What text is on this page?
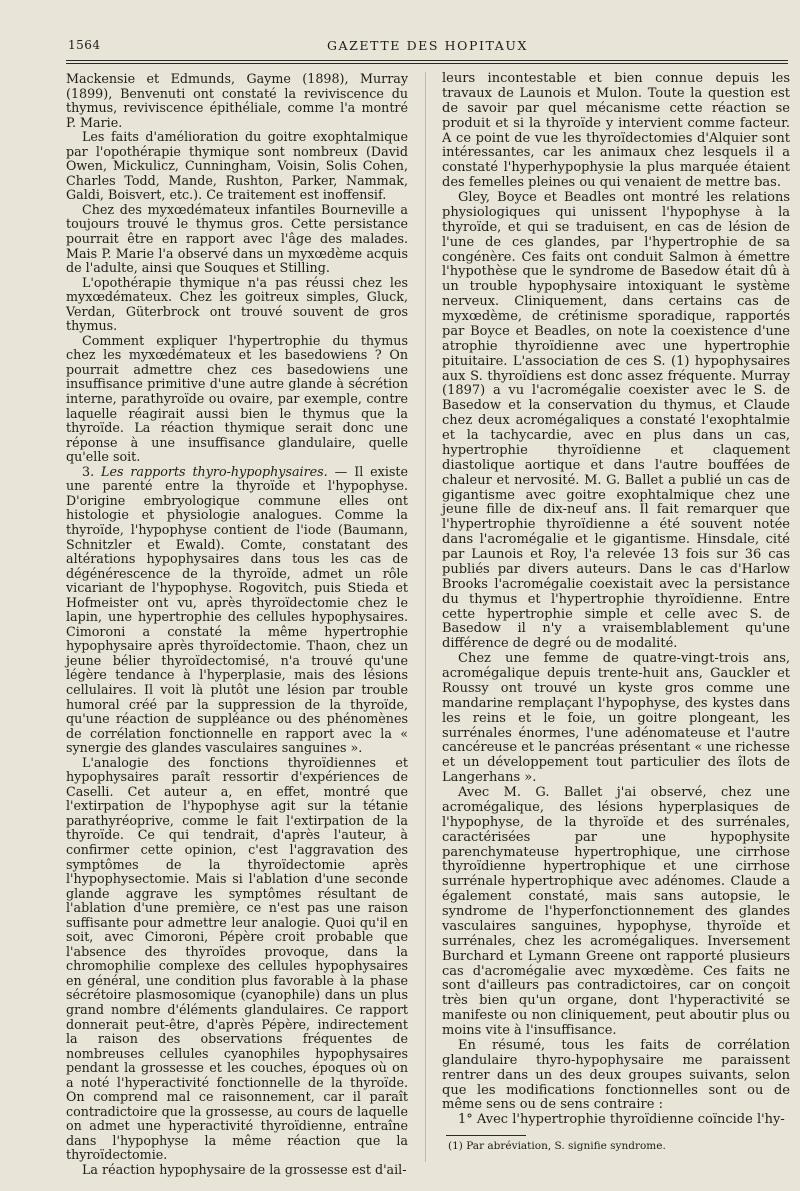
1564	GAZETTE DES HOPITAUX

Mackensie et Edmunds, Gayme (1898), Murray (1899), Benvenuti ont constaté la reviviscence du thymus, reviviscence épithéliale, comme l'a montré P. Marie.

Les faits d'amélioration du goitre exophtalmique par l'opothérapie thymique sont nombreux (David Owen, Mickulicz, Cunningham, Voisin, Solis Cohen, Charles Todd, Mande, Rushton, Parker, Nammak, Galdi, Boisvert, etc.). Ce traitement est inoffensif.

Chez des myxœdémateux infantiles Bourneville a toujours trouvé le thymus gros. Cette persistance pourrait être en rapport avec l'âge des malades. Mais P. Marie l'a observé dans un myxœdème acquis de l'adulte, ainsi que Souques et Stilling.

L'opothérapie thymique n'a pas réussi chez les myxœdémateux. Chez les goitreux simples, Gluck, Verdan, Güterbrock ont trouvé souvent de gros thymus.

Comment expliquer l'hypertrophie du thymus chez les myxœdémateux et les basedowiens ? On pourrait admettre chez ces basedowiens une insuffisance primitive d'une autre glande à sécrétion interne, parathyroïde ou ovaire, par exemple, contre laquelle réagirait aussi bien le thymus que la thyroïde. La réaction thymique serait donc une réponse à une insuffisance glandulaire, quelle qu'elle soit.

3. Les rapports thyro-hypophysaires. — Il existe une parenté entre la thyroïde et l'hypophyse. D'origine embryologique commune elles ont histologie et physiologie analogues. Comme la thyroïde, l'hypophyse contient de l'iode (Baumann, Schnitzler et Ewald). Comte, constatant des altérations hypophysaires dans tous les cas de dégénérescence de la thyroïde, admet un rôle vicariant de l'hypophyse. Rogovitch, puis Stieda et Hofmeister ont vu, après thyroïdectomie chez le lapin, une hypertrophie des cellules hypophysaires. Cimoroni a constaté la même hypertrophie hypophysaire après thyroïdectomie. Thaon, chez un jeune bélier thyroïdectomisé, n'a trouvé qu'une légère tendance à l'hyperplasie, mais des lésions cellulaires. Il voit là plutôt une lésion par trouble humoral créé par la suppression de la thyroïde, qu'une réaction de suppléance ou des phénomènes de corrélation fonctionnelle en rapport avec la « synergie des glandes vasculaires sanguines ».

L'analogie des fonctions thyroïdiennes et hypophysaires paraît ressortir d'expériences de Caselli. Cet auteur a, en effet, montré que l'extirpation de l'hypophyse agit sur la tétanie parathyréoprive, comme le fait l'extirpation de la thyroïde. Ce qui tendrait, d'après l'auteur, à confirmer cette opinion, c'est l'aggravation des symptômes de la thyroïdectomie après l'hypophysectomie. Mais si l'ablation d'une seconde glande aggrave les symptômes résultant de l'ablation d'une première, ce n'est pas une raison suffisante pour admettre leur analogie. Quoi qu'il en soit, avec Cimoroni, Pépère croit probable que l'absence des thyroïdes provoque, dans la chromophilie complexe des cellules hypophysaires en général, une condition plus favorable à la phase sécrétoire plasmosomique (cyanophile) dans un plus grand nombre d'éléments glandulaires. Ce rapport donnerait peut-être, d'après Pépère, indirectement la raison des observations fréquentes de nombreuses cellules cyanophiles hypophysaires pendant la grossesse et les couches, époques où on a noté l'hyperactivité fonctionnelle de la thyroïde. On comprend mal ce raisonnement, car il paraît contradictoire que la grossesse, au cours de laquelle on admet une hyperactivité thyroïdienne, entraîne dans l'hypophyse la même réaction que la thyroïdectomie.

La réaction hypophysaire de la grossesse est d'ail-

leurs incontestable et bien connue depuis les travaux de Launois et Mulon. Toute la question est de savoir par quel mécanisme cette réaction se produit et si la thyroïde y intervient comme facteur. A ce point de vue les thyroïdectomies d'Alquier sont intéressantes, car les animaux chez lesquels il a constaté l'hyperhypophysie la plus marquée étaient des femelles pleines ou qui venaient de mettre bas.

Gley, Boyce et Beadles ont montré les relations physiologiques qui unissent l'hypophyse à la thyroïde, et qui se traduisent, en cas de lésion de l'une de ces glandes, par l'hypertrophie de sa congénère. Ces faits ont conduit Salmon à émettre l'hypothèse que le syndrome de Basedow était dû à un trouble hypophysaire intoxiquant le système nerveux. Cliniquement, dans certains cas de myxœdème, de crétinisme sporadique, rapportés par Boyce et Beadles, on note la coexistence d'une atrophie thyroïdienne avec une hypertrophie pituitaire. L'association de ces S. (1) hypophysaires aux S. thyroïdiens est donc assez fréquente. Murray (1897) a vu l'acromégalie coexister avec le S. de Basedow et la conservation du thymus, et Claude chez deux acromégaliques a constaté l'exophtalmie et la tachycardie, avec en plus dans un cas, hypertrophie thyroïdienne et claquement diastolique aortique et dans l'autre bouffées de chaleur et nervosité. M. G. Ballet a publié un cas de gigantisme avec goitre exophtalmique chez une jeune fille de dix-neuf ans. Il fait remarquer que l'hypertrophie thyroïdienne a été souvent notée dans l'acromégalie et le gigantisme. Hinsdale, cité par Launois et Roy, l'a relevée 13 fois sur 36 cas publiés par divers auteurs. Dans le cas d'Harlow Brooks l'acromégalie coexistait avec la persistance du thymus et l'hypertrophie thyroïdienne. Entre cette hypertrophie simple et celle avec S. de Basedow il n'y a vraisemblablement qu'une différence de degré ou de modalité.

Chez une femme de quatre-vingt-trois ans, acromégalique depuis trente-huit ans, Gauckler et Roussy ont trouvé un kyste gros comme une mandarine remplaçant l'hypophyse, des kystes dans les reins et le foie, un goitre plongeant, les surrénales énormes, l'une adénomateuse et l'autre cancéreuse et le pancréas présentant « une richesse et un développement tout particulier des îlots de Langerhans ».

Avec M. G. Ballet j'ai observé, chez une acromégalique, des lésions hyperplasiques de l'hypophyse, de la thyroïde et des surrénales, caractérisées par une hypophysite parenchymateuse hypertrophique, une cirrhose thyroïdienne hypertrophique et une cirrhose surrénale hypertrophique avec adénomes. Claude a également constaté, mais sans autopsie, le syndrome de l'hyperfonctionnement des glandes vasculaires sanguines, hypophyse, thyroïde et surrénales, chez les acromégaliques. Inversement Burchard et Lymann Greene ont rapporté plusieurs cas d'acromégalie avec myxœdème. Ces faits ne sont d'ailleurs pas contradictoires, car on conçoit très bien qu'un organe, dont l'hyperactivité se manifeste ou non cliniquement, peut aboutir plus ou moins vite à l'insuffisance.

En résumé, tous les faits de corrélation glandulaire thyro-hypophysaire me paraissent rentrer dans un des deux groupes suivants, selon que les modifications fonctionnelles sont ou de même sens ou de sens contraire :

1° Avec l'hypertrophie thyroïdienne coïncide l'hy-

(1) Par abréviation, S. signifie syndrome.
